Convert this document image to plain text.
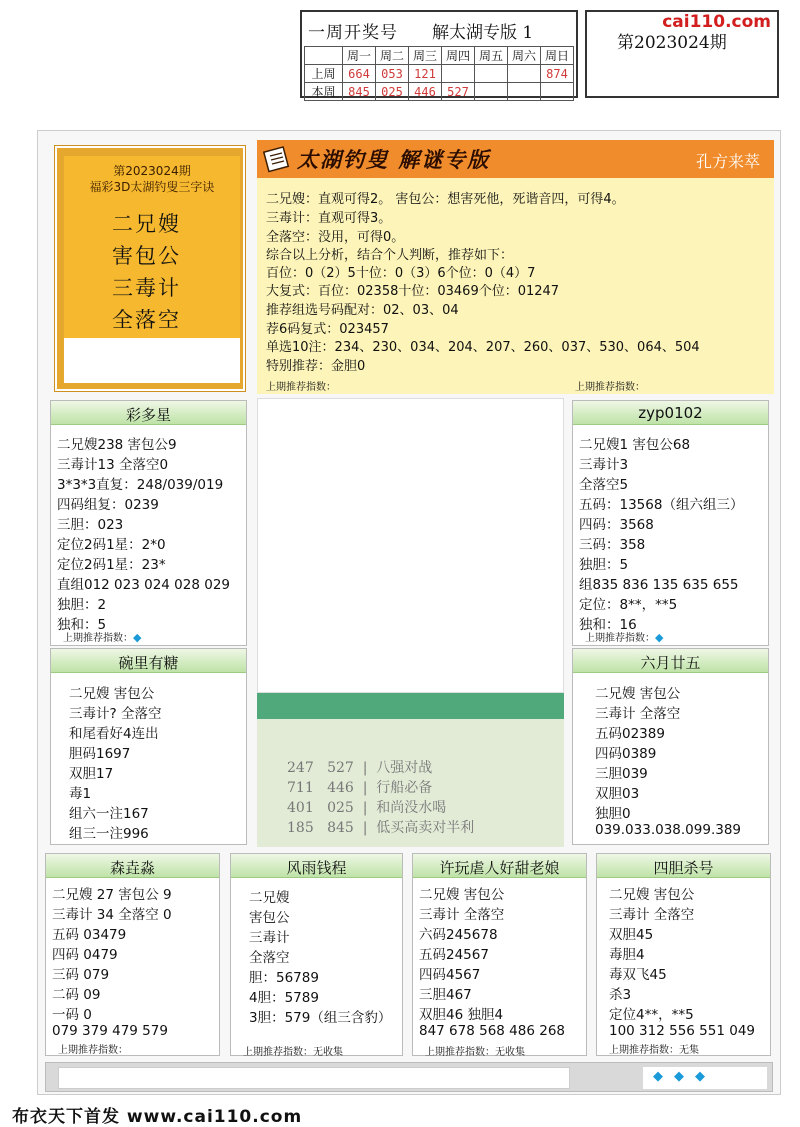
一周开奖号 解太湖专版 1
	周一	周二	周三	周四	周五	周六	周日
上周	664	053	121				874
本周	845	025	446	527			
第2023024期
cai110.com
第2023024期
福彩3D太湖钓叟三字诀
二兄嫂
害包公
三毒计
全落空
太湖钓叟 解谜专版	孔方来萃
二兄嫂：直观可得2。 害包公：想害死他，死谐音四，可得4。
三毒计：直观可得3。
全落空：没用，可得0。
综合以上分析，结合个人判断，推荐如下：
百位：0（2）5十位：0（3）6个位：0（4）7
大复式：百位：02358十位：03469个位：01247
推荐组选号码配对：02、03、04
荐6码复式：023457
单选10注：234、230、034、204、207、260、037、530、064、504
特别推荐：金胆0
上期推荐指数：	上期推荐指数：
彩多星
二兄嫂238 害包公9
三毒计13 全落空0
3*3*3直复：248/039/019
四码组复：0239
三胆：023
定位2码1星：2*0
定位2码1星：23*
直组012 023 024 028 029
独胆：2
独和：5
上期推荐指数：◆
zyp0102
二兄嫂1 害包公68
三毒计3
全落空5
五码：13568（组六组三）
四码：3568
三码：358
独胆：5
组835 836 135 635 655
定位：8**，**5
独和：16
上期推荐指数：◆
碗里有糖
二兄嫂 害包公
三毒计? 全落空
和尾看好4连出
胆码1697
双胆17
毒1
组六一注167
组三一注996
六月廿五
二兄嫂 害包公
三毒计 全落空
五码02389
四码0389
三胆039
双胆03
独胆0
039.033.038.099.389
247   527  |  八强对战
711   446  |  行船必备
401   025  |  和尚没水喝
185   845  |  低买高卖对半利
森垚淼
二兄嫂 27 害包公 9
三毒计 34 全落空 0
五码 03479
四码 0479
三码 079
二码 09
一码 0
079 379 479 579
上期推荐指数：
风雨钱程
二兄嫂
害包公
三毒计
全落空
胆：56789
4胆：5789
3胆：579（组三含豹）
上期推荐指数：无收集
许玩虐人好甜老娘
二兄嫂 害包公
三毒计 全落空
六码245678
五码24567
四码4567
三胆467
双胆46 独胆4
847 678 568 486 268
上期推荐指数：无收集
四胆杀号
二兄嫂 害包公
三毒计 全落空
双胆45
毒胆4
毒双飞45
杀3
定位4**，**5
100 312 556 551 049
上期推荐指数：无集
◆ ◆ ◆
布衣天下首发 www.cai110.com
